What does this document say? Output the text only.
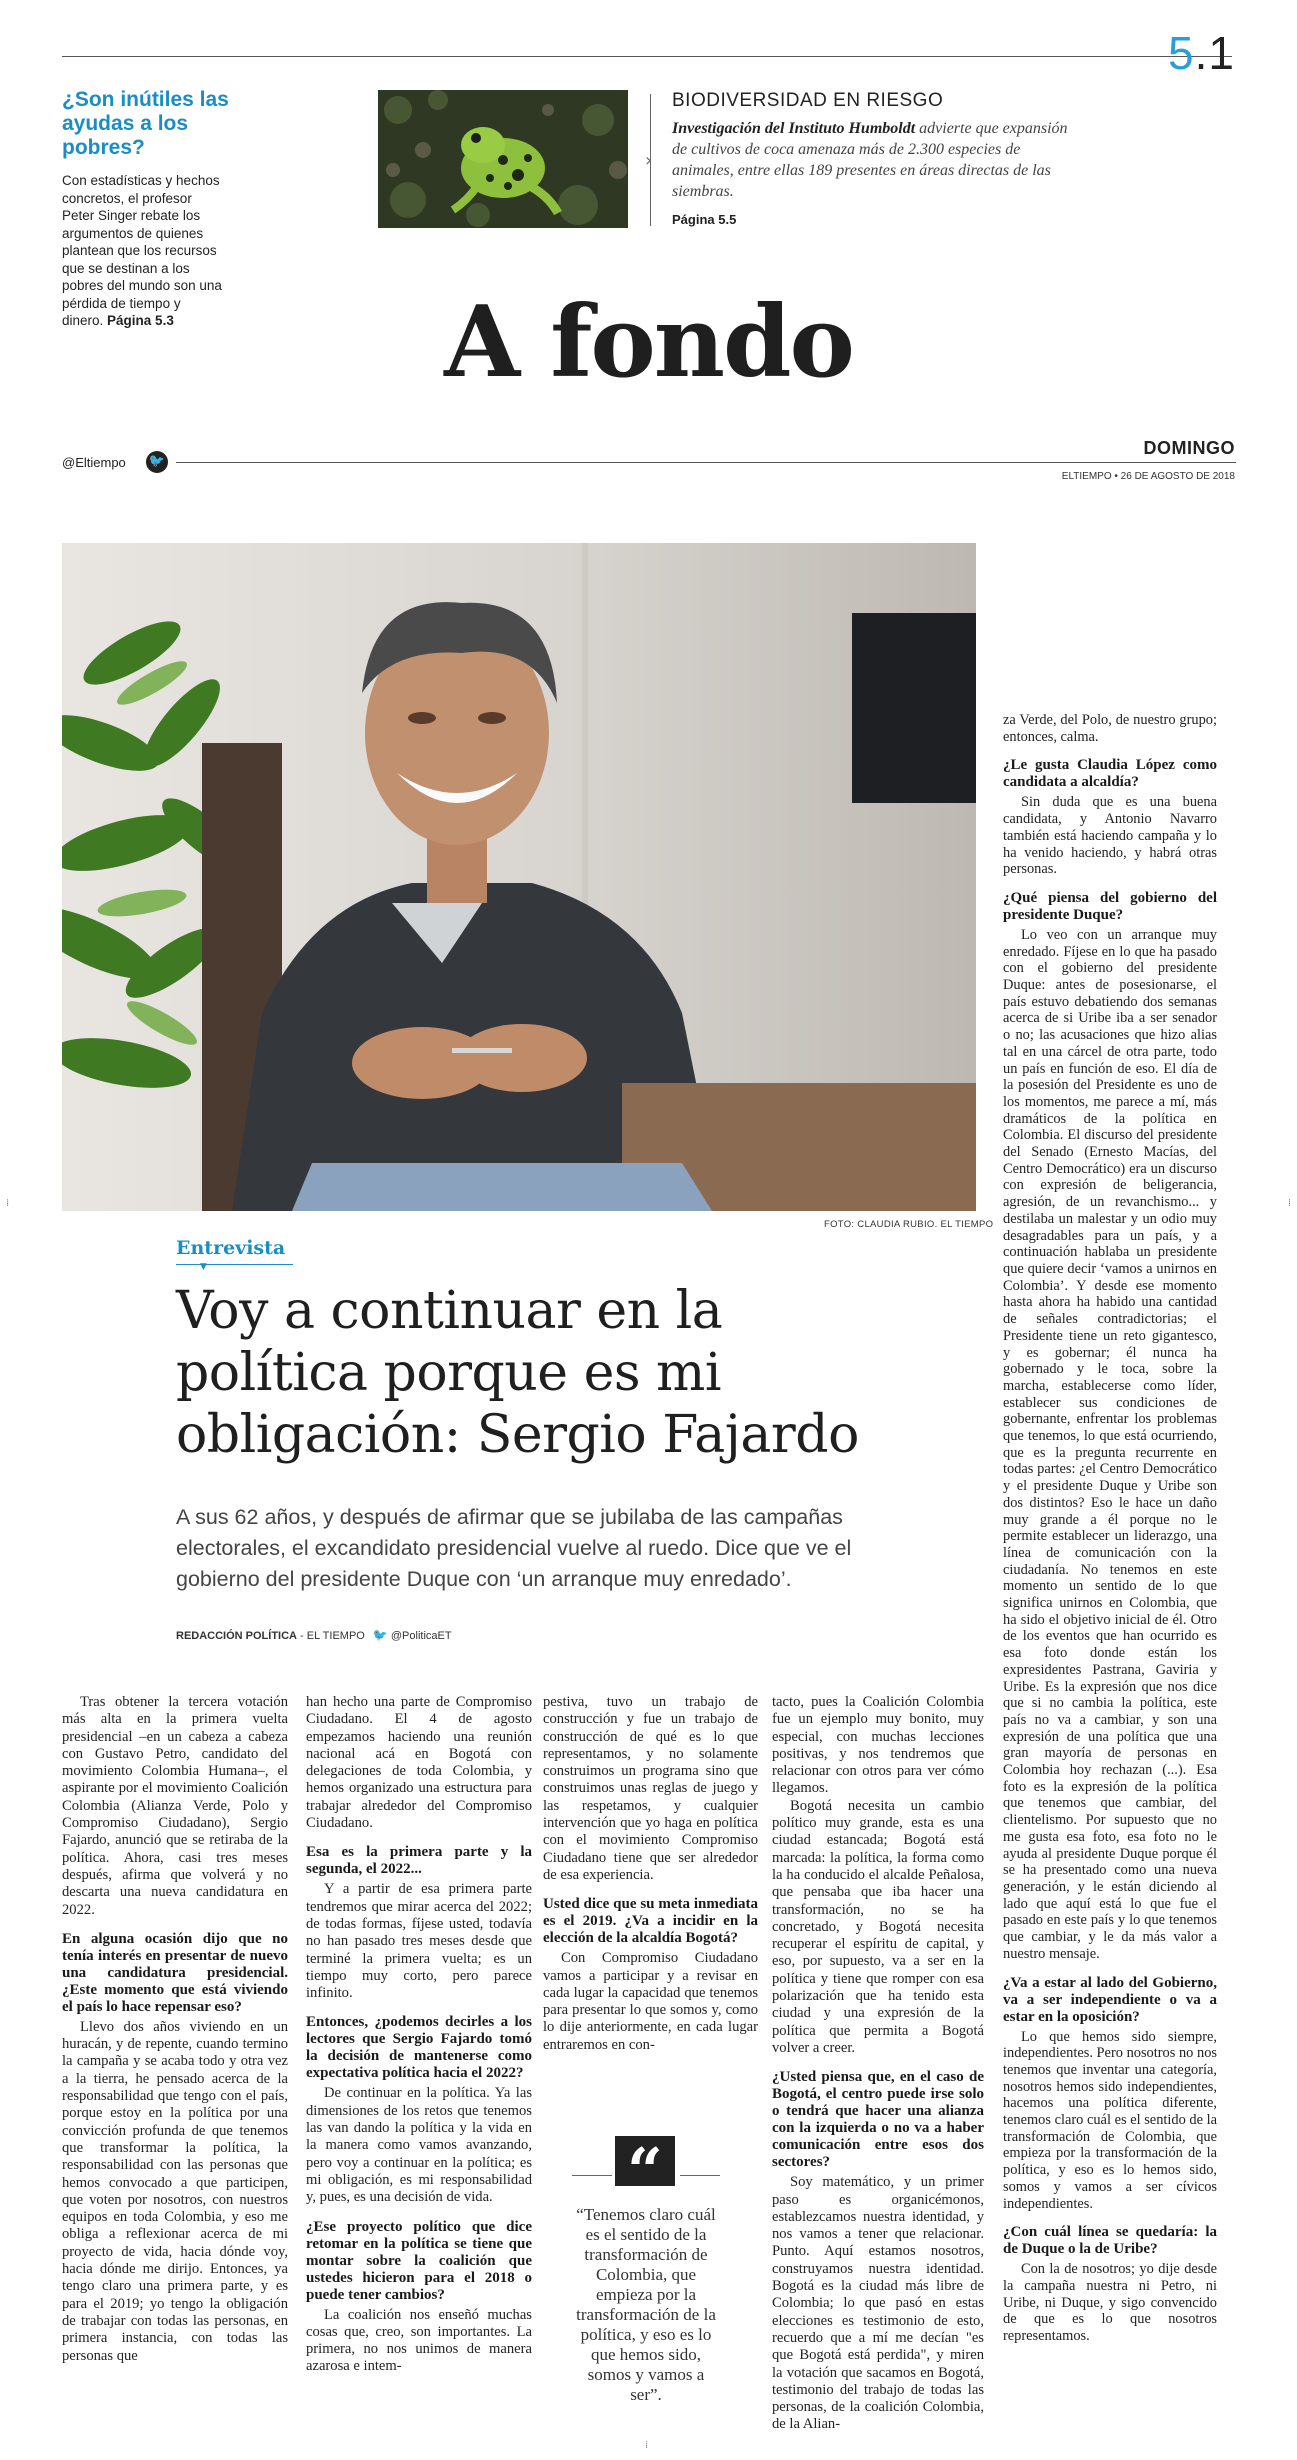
5.1
¿Son inútiles las ayudas a los pobres?
Con estadísticas y hechos concretos, el profesor Peter Singer rebate los argumentos de quienes plantean que los recursos que se destinan a los pobres del mundo son una pérdida de tiempo y dinero. Página 5.3
›
BIODIVERSIDAD EN RIESGO
Investigación del Instituto Humboldt advierte que expansión de cultivos de coca amenaza más de 2.300 especies de animales, entre ellas 189 presentes en áreas directas de las siembras.
Página 5.5
A fondo
@Eltiempo 🐦
DOMINGO
ELTIEMPO • 26 DE AGOSTO DE 2018
FOTO: CLAUDIA RUBIO. EL TIEMPO
Entrevista
▼
Voy a continuar en la política porque es mi obligación: Sergio Fajardo
A sus 62 años, y después de afirmar que se jubilaba de las campañas electorales, el excandidato presidencial vuelve al ruedo. Dice que ve el gobierno del presidente Duque con ‘un arranque muy enredado’.
REDACCIÓN POLÍTICA - EL TIEMPO 🐦 @PoliticaET

Tras obtener la tercera votación más alta en la primera vuelta presidencial –en un cabeza a cabeza con Gustavo Petro, candidato del movimiento Colombia Humana–, el aspirante por el movimiento Coalición Colombia (Alianza Verde, Polo y Compromiso Ciudadano), Sergio Fajardo, anunció que se retiraba de la política. Ahora, casi tres meses después, afirma que volverá y no descarta una nueva candidatura en 2022.

En alguna ocasión dijo que no tenía interés en presentar de nuevo una candidatura presidencial. ¿Este momento que está viviendo el país lo hace repensar eso?

Llevo dos años viviendo en un huracán, y de repente, cuando termino la campaña y se acaba todo y otra vez a la tierra, he pensado acerca de la responsabilidad que tengo con el país, porque estoy en la política por una convicción profunda de que tenemos que transformar la política, la responsabilidad con las personas que hemos convocado a que participen, que voten por nosotros, con nuestros equipos en toda Colombia, y eso me obliga a reflexionar acerca de mi proyecto de vida, hacia dónde voy, hacia dónde me dirijo. Entonces, ya tengo claro una primera parte, y es para el 2019; yo tengo la obligación de trabajar con todas las personas, en primera instancia, con todas las personas que

han hecho una parte de Compromiso Ciudadano. El 4 de agosto empezamos haciendo una reunión nacional acá en Bogotá con delegaciones de toda Colombia, y hemos organizado una estructura para trabajar alrededor del Compromiso Ciudadano.

Esa es la primera parte y la segunda, el 2022...

Y a partir de esa primera parte tendremos que mirar acerca del 2022; de todas formas, fíjese usted, todavía no han pasado tres meses desde que terminé la primera vuelta; es un tiempo muy corto, pero parece infinito.

Entonces, ¿podemos decirles a los lectores que Sergio Fajardo tomó la decisión de mantenerse como expectativa política hacia el 2022?

De continuar en la política. Ya las dimensiones de los retos que tenemos las van dando la política y la vida en la manera como vamos avanzando, pero voy a continuar en la política; es mi obligación, es mi responsabilidad y, pues, es una decisión de vida.

¿Ese proyecto político que dice retomar en la política se tiene que montar sobre la coalición que ustedes hicieron para el 2018 o puede tener cambios?

La coalición nos enseñó muchas cosas que, creo, son importantes. La primera, no nos unimos de manera azarosa e intem-

pestiva, tuvo un trabajo de construcción y fue un trabajo de construcción de qué es lo que representamos, y no solamente construimos un programa sino que construimos unas reglas de juego y las respetamos, y cualquier intervención que yo haga en política con el movimiento Compromiso Ciudadano tiene que ser alrededor de esa experiencia.

Usted dice que su meta inmediata es el 2019. ¿Va a incidir en la elección de la alcaldía Bogotá?

Con Compromiso Ciudadano vamos a participar y a revisar en cada lugar la capacidad que tenemos para presentar lo que somos y, como lo dije anteriormente, en cada lugar entraremos en con-

“
“Tenemos claro cuál es el sentido de la transformación de Colombia, que empieza por la transformación de la política, y eso es lo que hemos sido, somos y vamos a ser”.

tacto, pues la Coalición Colombia fue un ejemplo muy bonito, muy especial, con muchas lecciones positivas, y nos tendremos que relacionar con otros para ver cómo llegamos.

Bogotá necesita un cambio político muy grande, esta es una ciudad estancada; Bogotá está marcada: la política, la forma como la ha conducido el alcalde Peñalosa, que pensaba que iba hacer una transformación, no se ha concretado, y Bogotá necesita recuperar el espíritu de capital, y eso, por supuesto, va a ser en la política y tiene que romper con esa polarización que ha tenido esta ciudad y una expresión de la política que permita a Bogotá volver a creer.

¿Usted piensa que, en el caso de Bogotá, el centro puede irse solo o tendrá que hacer una alianza con la izquierda o no va a haber comunicación entre esos dos sectores?

Soy matemático, y un primer paso es organicémonos, establezcamos nuestra identidad, y nos vamos a tener que relacionar. Punto. Aquí estamos nosotros, construyamos nuestra identidad. Bogotá es la ciudad más libre de Colombia; lo que pasó en estas elecciones es testimonio de esto, recuerdo que a mí me decían "es que Bogotá está perdida", y miren la votación que sacamos en Bogotá, testimonio del trabajo de todas las personas, de la coalición Colombia, de la Alian-

za Verde, del Polo, de nuestro grupo; entonces, calma.

¿Le gusta Claudia López como candidata a alcaldía?

Sin duda que es una buena candidata, y Antonio Navarro también está haciendo campaña y lo ha venido haciendo, y habrá otras personas.

¿Qué piensa del gobierno del presidente Duque?

Lo veo con un arranque muy enredado. Fíjese en lo que ha pasado con el gobierno del presidente Duque: antes de posesionarse, el país estuvo debatiendo dos semanas acerca de si Uribe iba a ser senador o no; las acusaciones que hizo alias tal en una cárcel de otra parte, todo un país en función de eso. El día de la posesión del Presidente es uno de los momentos, me parece a mí, más dramáticos de la política en Colombia. El discurso del presidente del Senado (Ernesto Macías, del Centro Democrático) era un discurso con expresión de beligerancia, agresión, de un revanchismo... y destilaba un malestar y un odio muy desagradables para un país, y a continuación hablaba un presidente que quiere decir ‘vamos a unirnos en Colombia’. Y desde ese momento hasta ahora ha habido una cantidad de señales contradictorias; el Presidente tiene un reto gigantesco, y es gobernar; él nunca ha gobernado y le toca, sobre la marcha, establecerse como líder, establecer sus condiciones de gobernante, enfrentar los problemas que tenemos, lo que está ocurriendo, que es la pregunta recurrente en todas partes: ¿el Centro Democrático y el presidente Duque y Uribe son dos distintos? Eso le hace un daño muy grande a él porque no le permite establecer un liderazgo, una línea de comunicación con la ciudadanía. No tenemos en este momento un sentido de lo que significa unirnos en Colombia, que ha sido el objetivo inicial de él. Otro de los eventos que han ocurrido es esa foto donde están los expresidentes Pastrana, Gaviria y Uribe. Es la expresión que nos dice que si no cambia la política, este país no va a cambiar, y son una expresión de una política que una gran mayoría de personas en Colombia hoy rechazan (...). Esa foto es la expresión de la política que tenemos que cambiar, del clientelismo. Por supuesto que no me gusta esa foto, esa foto no le ayuda al presidente Duque porque él se ha presentado como una nueva generación, y le están diciendo al lado que aquí está lo que fue el pasado en este país y lo que tenemos que cambiar, y le da más valor a nuestro mensaje.

¿Va a estar al lado del Gobierno, va a ser independiente o va a estar en la oposición?

Lo que hemos sido siempre, independientes. Pero nosotros no nos tenemos que inventar una categoría, nosotros hemos sido independientes, hacemos una política diferente, tenemos claro cuál es el sentido de la transformación de Colombia, que empieza por la transformación de la política, y eso es lo hemos sido, somos y vamos a ser cívicos independientes.

¿Con cuál línea se quedaría: la de Duque o la de Uribe?

Con la de nosotros; yo dije desde la campaña nuestra ni Petro, ni Uribe, ni Duque, y sigo convencido de que es lo que nosotros representamos.

⁞	⁞
⁞
